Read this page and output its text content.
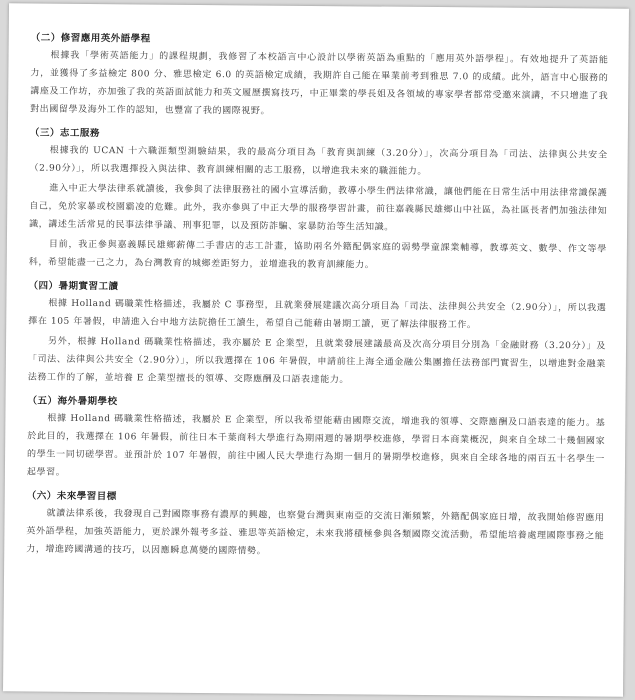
（二）修習應用英外語學程

根據我「學術英語能力」的課程規劃，我修習了本校語言中心設計以學術英語為重點的「應用英外語學程」。有效地提升了英語能力，並獲得了多益檢定 800 分、雅思檢定 6.0 的英語檢定成績，我期許自己能在畢業前考到雅思 7.0 的成績。此外，語言中心服務的講座及工作坊，亦加強了我的英語面試能力和英文履歷撰寫技巧，中正畢業的學長姐及各領域的專家學者都常受邀來演講，不只增進了我對出國留學及海外工作的認知，也豐富了我的國際視野。

（三）志工服務

根據我的 UCAN 十六職涯類型測驗結果，我的最高分項目為「教育與訓練（3.20分）」，次高分項目為「司法、法律與公共安全（2.90分）」，所以我選擇投入與法律、教育訓練相關的志工服務，以增進我未來的職涯能力。

進入中正大學法律系就讀後，我參與了法律服務社的國小宣導活動，教導小學生們法律常識，讓他們能在日常生活中用法律常識保護自己，免於家暴或校園霸凌的危難。此外，我亦參與了中正大學的服務學習計畫，前往嘉義縣民雄鄉山中社區，為社區長者們加強法律知識，講述生活常見的民事法律爭議、刑事犯罪，以及預防詐騙、家暴防治等生活知識。

目前，我正參與嘉義縣民雄鄉薪傳二手書店的志工計畫，協助兩名外籍配偶家庭的弱勢學童課業輔導，教導英文、數學、作文等學科，希望能盡一己之力，為台灣教育的城鄉差距努力，並增進我的教育訓練能力。

（四）暑期實習工讀

根據 Holland 碼職業性格描述，我屬於 C 事務型，且就業發展建議次高分項目為「司法、法律與公共安全（2.90分）」，所以我選擇在 105 年暑假，申請進入台中地方法院擔任工讀生，希望自己能藉由暑期工讀，更了解法律服務工作。

另外，根據 Holland 碼職業性格描述，我亦屬於 E 企業型，且就業發展建議最高及次高分項目分別為「金融財務（3.20分）」及「司法、法律與公共安全（2.90分）」，所以我選擇在 106 年暑假，申請前往上海全通金融公集團擔任法務部門實習生，以增進對金融業法務工作的了解，並培養 E 企業型擅長的領導、交際應酬及口語表達能力。

（五）海外暑期學校

根據 Holland 碼職業性格描述，我屬於 E 企業型，所以我希望能藉由國際交流，增進我的領導、交際應酬及口語表達的能力。基於此目的，我選擇在 106 年暑假，前往日本千葉商科大學進行為期兩週的暑期學校進修，學習日本商業概況，與來自全球二十幾個國家的學生一同切磋學習。並預計於 107 年暑假，前往中國人民大學進行為期一個月的暑期學校進修，與來自全球各地的兩百五十名學生一起學習。

（六）未來學習目標

就讀法律系後，我發現自己對國際事務有濃厚的興趣，也察覺台灣與東南亞的交流日漸頻繁，外籍配偶家庭日增，故我開始修習應用英外語學程，加強英語能力，更於課外報考多益、雅思等英語檢定，未來我將積極參與各類國際交流活動，希望能培養處理國際事務之能力，增進跨國溝通的技巧，以因應瞬息萬變的國際情勢。
